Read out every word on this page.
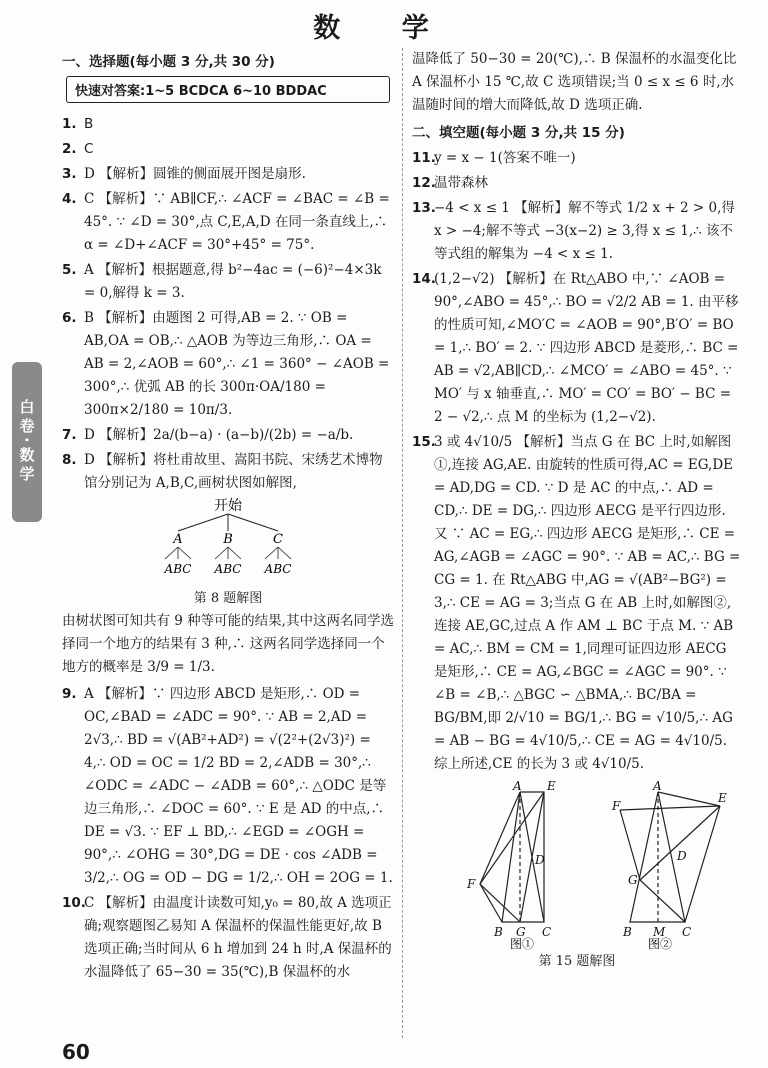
数 学
白卷·数学
一、选择题(每小题 3 分,共 30 分)
快速对答案:1~5 BCDCA 6~10 BDDAC
1. B
2. C
3. D 【解析】圆锥的侧面展开图是扇形.
4. C 【解析】∵ AB∥CF,∴ ∠ACF = ∠BAC = ∠B = 45°. ∵ ∠D = 30°,点 C,E,A,D 在同一条直线上,∴ α = ∠D+∠ACF = 30°+45° = 75°.
5. A 【解析】根据题意,得 b²−4ac = (−6)²−4×3k = 0,解得 k = 3.
6. B 【解析】由题图 2 可得,AB = 2. ∵ OB = AB,OA = OB,∴ △AOB 为等边三角形,∴ OA = AB = 2,∠AOB = 60°,∴ ∠1 = 360° − ∠AOB = 300°,∴ 优弧 AB 的长 300π·OA/180 = 300π×2/180 = 10π/3.
7. D 【解析】2a/(b−a) · (a−b)/(2b) = −a/b.
8. D 【解析】将杜甫故里、嵩阳书院、宋绣艺术博物馆分别记为 A,B,C,画树状图如解图,
开始
A	B	C
ABC ABC ABC
第 8 题解图
由树状图可知共有 9 种等可能的结果,其中这两名同学选择同一个地方的结果有 3 种,∴ 这两名同学选择同一个地方的概率是 3/9 = 1/3.
9. A 【解析】∵ 四边形 ABCD 是矩形,∴ OD = OC,∠BAD = ∠ADC = 90°. ∵ AB = 2,AD = 2√3,∴ BD = √(AB²+AD²) = √(2²+(2√3)²) = 4,∴ OD = OC = 1/2 BD = 2,∠ADB = 30°,∴ ∠ODC = ∠ADC − ∠ADB = 60°,∴ △ODC 是等边三角形,∴ ∠DOC = 60°. ∵ E 是 AD 的中点,∴ DE = √3. ∵ EF ⊥ BD,∴ ∠EGD = ∠OGH = 90°,∴ ∠OHG = 30°,DG = DE · cos ∠ADB = 3/2,∴ OG = OD − DG = 1/2,∴ OH = 2OG = 1.
10.
C 【解析】由温度计读数可知,y₀ = 80,故 A 选项正确;观察题图乙易知 A 保温杯的保温性能更好,故 B 选项正确;当时间从 6 h 增加到 24 h 时,A 保温杯的水温降低了 65−30 = 35(℃),B 保温杯的水
温降低了 50−30 = 20(℃),∴ B 保温杯的水温变化比 A 保温杯小 15 ℃,故 C 选项错误;当 0 ≤ x ≤ 6 时,水温随时间的增大而降低,故 D 选项正确.
二、填空题(每小题 3 分,共 15 分)
11.
y = x − 1(答案不唯一)
12.
温带森林
13.
−4 < x ≤ 1 【解析】解不等式 1/2 x + 2 > 0,得 x > −4;解不等式 −3(x−2) ≥ 3,得 x ≤ 1,∴ 该不等式组的解集为 −4 < x ≤ 1.
14.
(1,2−√2) 【解析】在 Rt△ABO 中,∵ ∠AOB = 90°,∠ABO = 45°,∴ BO = √2/2 AB = 1. 由平移的性质可知,∠MO′C = ∠AOB = 90°,B′O′ = BO = 1,∴ BO′ = 2. ∵ 四边形 ABCD 是菱形,∴ BC = AB = √2,AB∥CD,∴ ∠MCO′ = ∠ABO = 45°. ∵ MO′ 与 x 轴垂直,∴ MO′ = CO′ = BO′ − BC = 2 − √2,∴ 点 M 的坐标为 (1,2−√2).
15.
3 或 4√10/5 【解析】当点 G 在 BC 上时,如解图①,连接 AG,AE. 由旋转的性质可得,AC = EG,DE = AD,DG = CD. ∵ D 是 AC 的中点,∴ AD = CD,∴ DE = DG,∴ 四边形 AECG 是平行四边形. 又 ∵ AC = EG,∴ 四边形 AECG 是矩形,∴ CE = AG,∠AGB = ∠AGC = 90°. ∵ AB = AC,∴ BG = CG = 1. 在 Rt△ABG 中,AG = √(AB²−BG²) = 3,∴ CE = AG = 3;当点 G 在 AB 上时,如解图②,连接 AE,GC,过点 A 作 AM ⊥ BC 于点 M. ∵ AB = AC,∴ BM = CM = 1,同理可证四边形 AECG 是矩形,∴ CE = AG,∠BGC = ∠AGC = 90°. ∵ ∠B = ∠B,∴ △BGC ∽ △BMA,∴ BC/BA = BG/BM,即 2/√10 = BG/1,∴ BG = √10/5,∴ AG = AB − BG = 4√10/5,∴ CE = AG = 4√10/5. 综上所述,CE 的长为 3 或 4√10/5.
A E
F
D
B G C
图①
A
E
F
D
G
B M C
图②
第 15 题解图
60
